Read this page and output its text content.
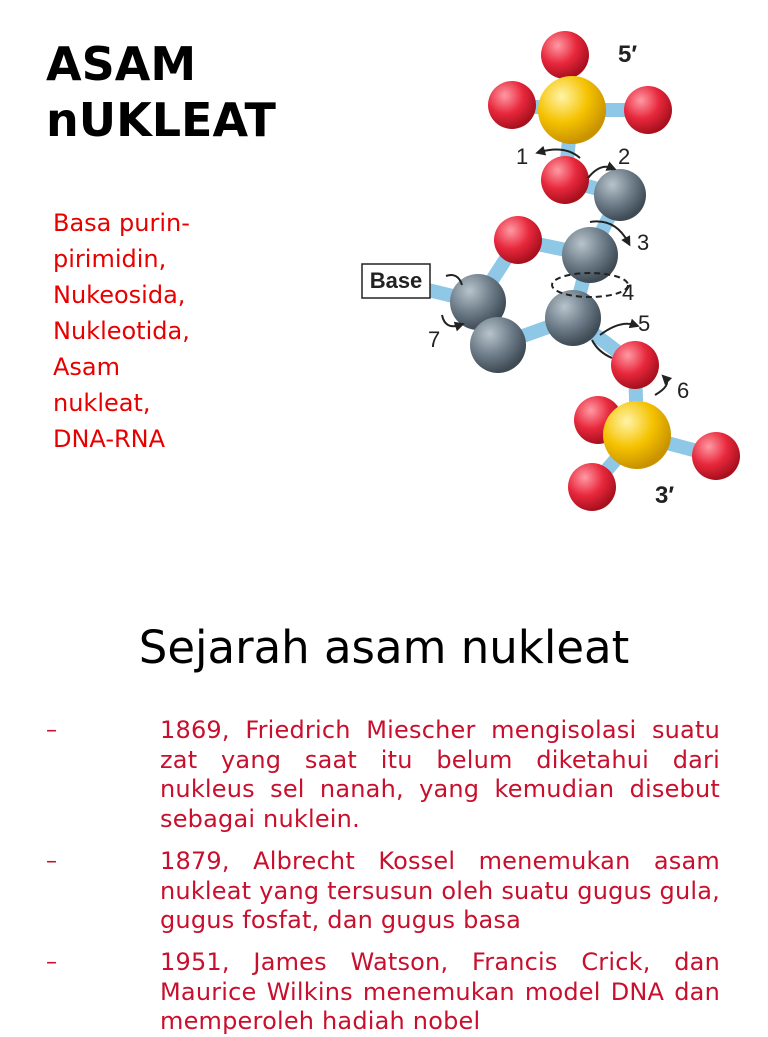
ASAM
nUKLEAT
Basa purin-
pirimidin,
Nukeosida,
Nukleotida,
Asam
nukleat,
DNA-RNA
Base
5′
3′
1	2
3
4
5
6
7
Sejarah asam nukleat
–	1869, Friedrich Miescher mengisolasi suatu zat yang saat itu belum diketahui dari nukleus sel nanah, yang kemudian disebut sebagai nuklein.
–	1879, Albrecht Kossel menemukan asam nukleat yang tersusun oleh suatu gugus gula, gugus fosfat, dan gugus basa
–	1951, James Watson, Francis Crick, dan Maurice Wilkins menemukan model DNA dan memperoleh hadiah nobel
